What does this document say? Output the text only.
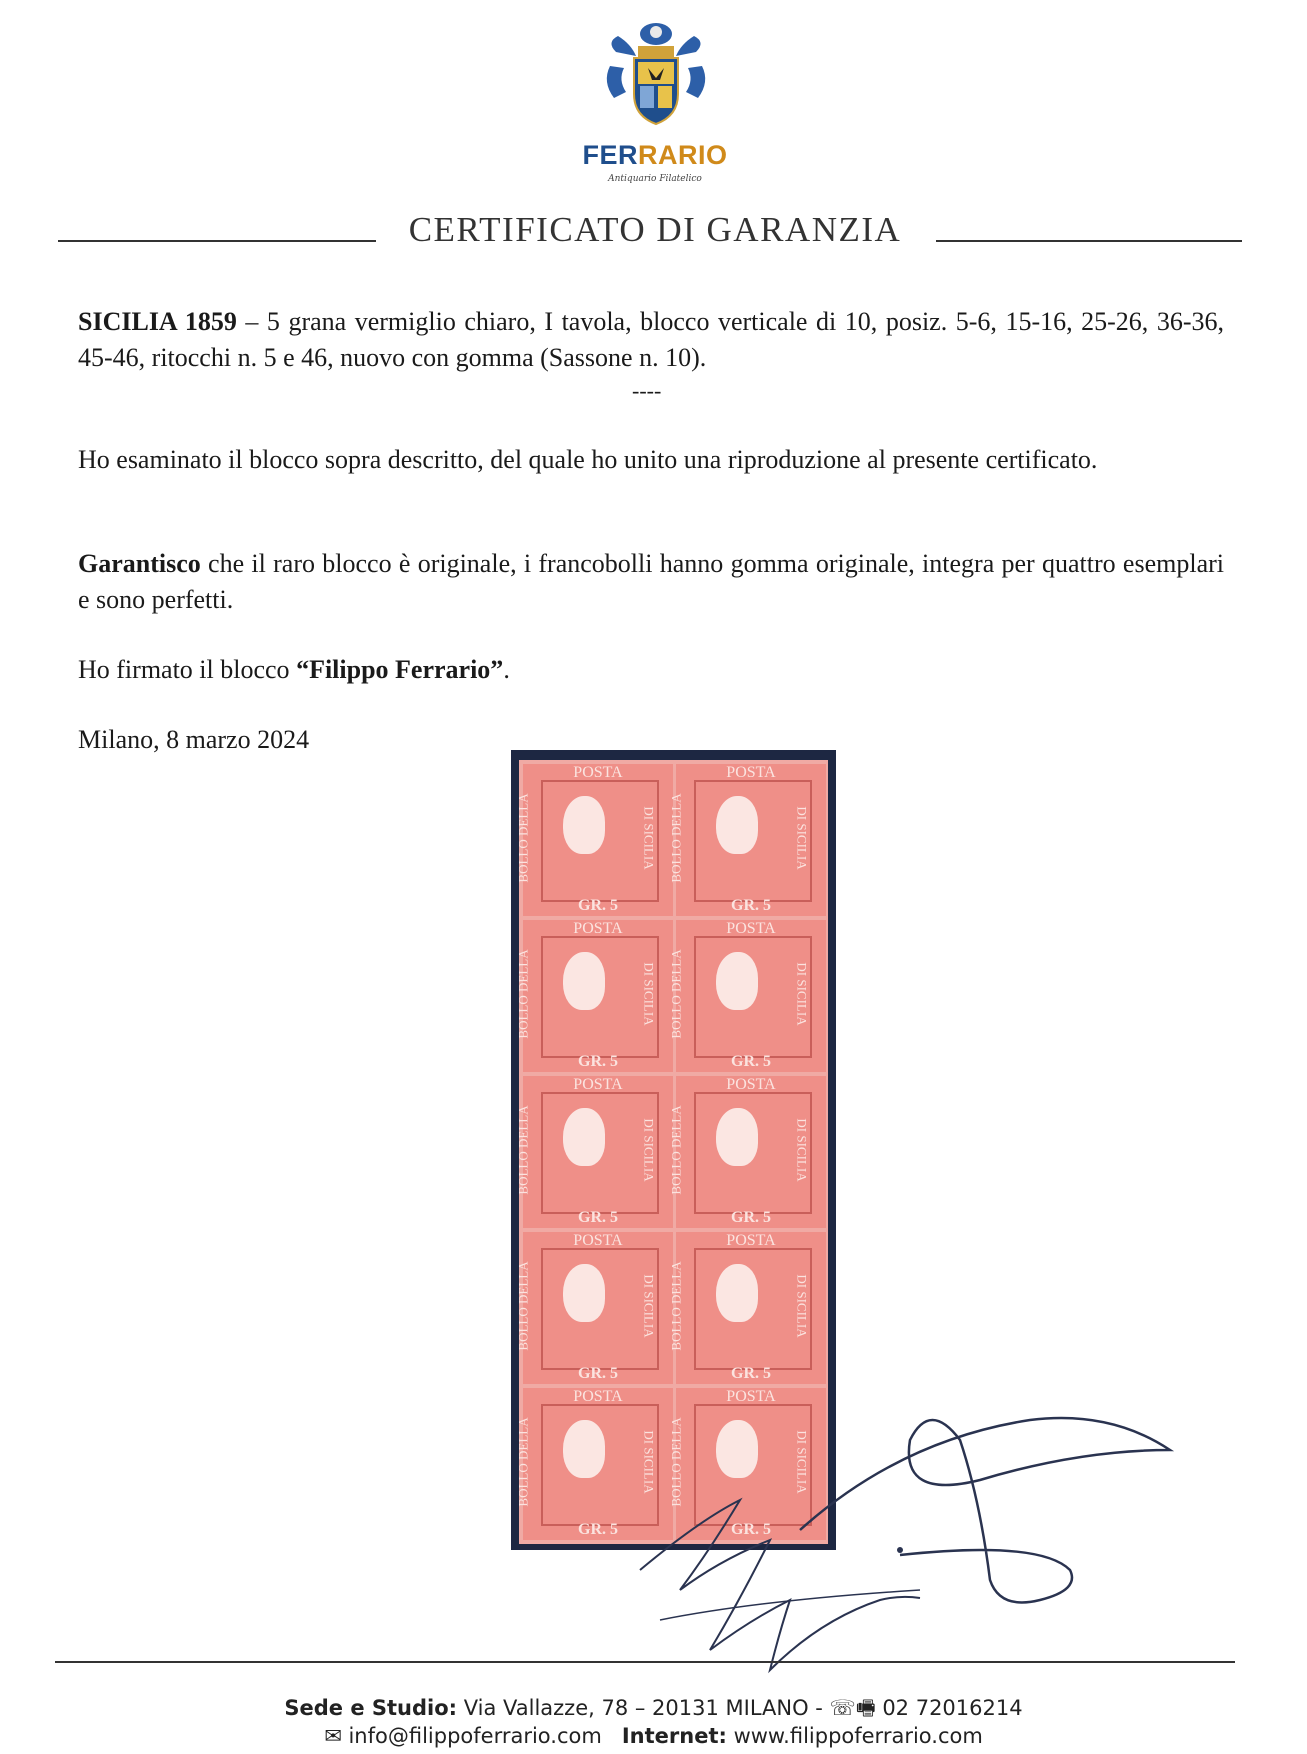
FERRARIO
Antiquario Filatelico
CERTIFICATO DI GARANZIA

SICILIA 1859 – 5 grana vermiglio chiaro, I tavola, blocco verticale di 10, posiz. 5-6, 15-16, 25-26, 36-36, 45-46, ritocchi n. 5 e 46, nuovo con gomma (Sassone n. 10).

----

Ho esaminato il blocco sopra descritto, del quale ho unito una riproduzione al presente certificato.

Garantisco che il raro blocco è originale, i francobolli hanno gomma originale, integra per quattro esemplari e sono perfetti.

Ho firmato il blocco “Filippo Ferrario”.

Milano, 8 marzo 2024

POSTA
GR. 5
BOLLO DELLA	DI SICILIA
POSTA
GR. 5
BOLLO DELLA	DI SICILIA
POSTA
GR. 5
BOLLO DELLA	DI SICILIA
POSTA
GR. 5
BOLLO DELLA	DI SICILIA
POSTA
GR. 5
BOLLO DELLA	DI SICILIA
POSTA
GR. 5
BOLLO DELLA	DI SICILIA
POSTA
GR. 5
BOLLO DELLA	DI SICILIA
POSTA
GR. 5
BOLLO DELLA	DI SICILIA
POSTA
GR. 5
BOLLO DELLA	DI SICILIA
POSTA
GR. 5
BOLLO DELLA	DI SICILIA
Sede e Studio: Via Vallazze, 78 – 20131 MILANO - ☏🖷 02 72016214
✉ info@filippoferrario.com Internet: www.filippoferrario.com
